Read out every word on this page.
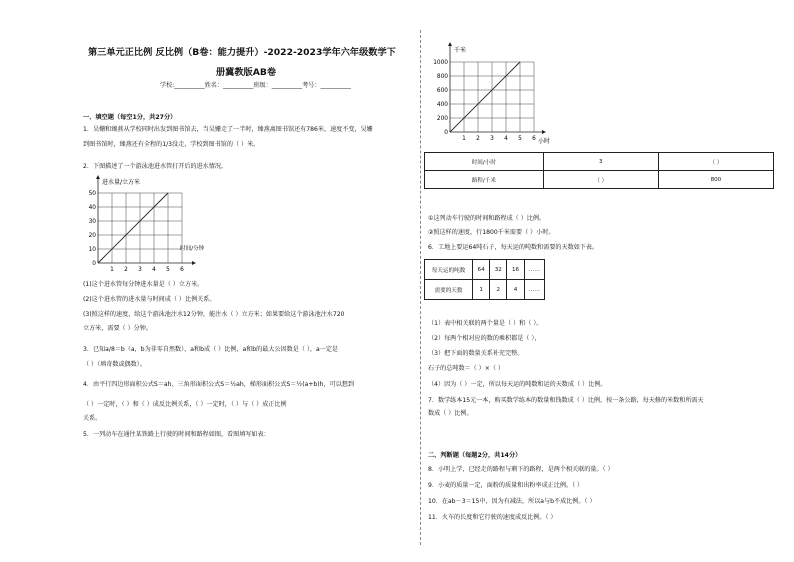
第三单元正比例 反比例（B卷：能力提升）-2022-2023学年六年级数学下
册冀教版AB卷
学校:__________姓名：__________班级：__________考号：__________
一、填空题（每空1分，共27分）
1．吴姗和臻燕从学校同时出发到图书馆去，当吴姗走了一半时，臻燕离图书馆还有786米，速度不变，吴姗
到图书馆时，臻燕还有全程的1/3没走，学校到图书馆的（ ）米。
2．下图描述了一个游泳池进水管打开后的进水情况。
进水量/立方米
时间/分钟
1 2 3 4 5 6
50
40
30
20
10
0
(1)这个进水管每分钟进水量是（ ）立方米。
(2)这个进水管的进水量与时间成（ ）比例关系。
(3)照这样的速度，给这个游泳池注水12分钟，能注水（ ）立方米；如果要给这个游泳池注水720
立方米，需要（ ）分钟。
3．已知a/8＝b（a，b为非零自然数），a和b成（ ）比例，a和b的最大公因数是（ ），a一定是
（ ）（填奇数或偶数）。
4．由平行四边形面积公式S＝ah、三角形面积公式S＝½ah，梯形面积公式S＝½(a+b)h，可以想到
（ ）一定时，（ ）和（ ）成反比例关系，（ ）一定时，（ ）与（ ）成正比例
关系。
5．一列动车在通往某铁路上行驶的时间和路程如图，看图填写如表：
千米
小时
1 2 3 4 5 6
1000
800
600
400
200
0
时间/小时	3	（ ）
路程/千米	（ ）	800
①这列动车行驶的时间和路程成（ ）比例。
②照这样的速度，行1800千米需要（ ）小时。
6．工地上要运64吨石子，每天运的吨数和需要的天数如下表。
每天运的吨数	64	32	16	……
需要的天数	1	2	4	……
（1）表中相关联的两个量是（ ）和（ ）。
（2）每两个相对应的数的乘积都是（ ），
（3）把下面的数量关系补充完整。
石子的总吨数＝（ ）×（ ）
（4）因为（ ）一定，所以每天运的吨数和运的天数成（ ）比例。
7．数学练本15元一本，购买数学练本的数量和钱数成（ ）比例，按一条公路，每天修的米数和所需天
数成（ ）比例。
二、判断题（每题2分，共14分）
8．小明上学，已经走的路程与剩下的路程，是两个相关联的量。（ ）
9．小麦的质量一定，面粉的质量和出粉率成正比例。（ ）
10．在ab－3＝15中，因为有减法，所以a与b不成比例。（ ）
11．火车的长度和它行驶的速度成反比例。（ ）
